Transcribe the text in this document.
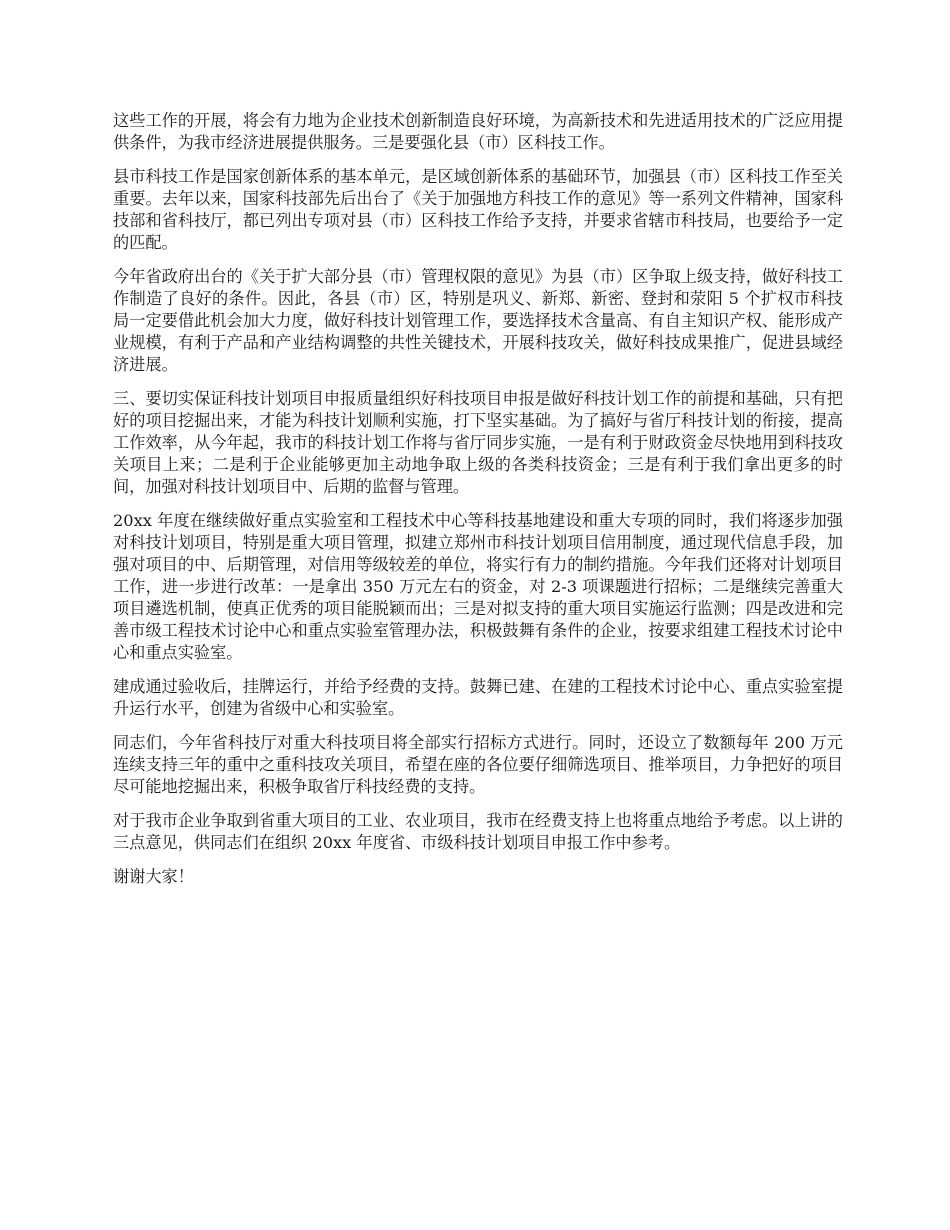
这些工作的开展，将会有力地为企业技术创新制造良好环境，为高新技术和先进适用技术的广泛应用提供条件，为我市经济进展提供服务。三是要强化县（市）区科技工作。

县市科技工作是国家创新体系的基本单元，是区域创新体系的基础环节，加强县（市）区科技工作至关重要。去年以来，国家科技部先后出台了《关于加强地方科技工作的意见》等一系列文件精神，国家科技部和省科技厅，都已列出专项对县（市）区科技工作给予支持，并要求省辖市科技局，也要给予一定的匹配。

今年省政府出台的《关于扩大部分县（市）管理权限的意见》为县（市）区争取上级支持，做好科技工作制造了良好的条件。因此，各县（市）区，特别是巩义、新郑、新密、登封和荥阳 5 个扩权市科技局一定要借此机会加大力度，做好科技计划管理工作，要选择技术含量高、有自主知识产权、能形成产业规模，有利于产品和产业结构调整的共性关键技术，开展科技攻关，做好科技成果推广，促进县域经济进展。

三、要切实保证科技计划项目申报质量组织好科技项目申报是做好科技计划工作的前提和基础，只有把好的项目挖掘出来，才能为科技计划顺利实施，打下坚实基础。为了搞好与省厅科技计划的衔接，提高工作效率，从今年起，我市的科技计划工作将与省厅同步实施，一是有利于财政资金尽快地用到科技攻关项目上来；二是利于企业能够更加主动地争取上级的各类科技资金；三是有利于我们拿出更多的时间，加强对科技计划项目中、后期的监督与管理。

20xx 年度在继续做好重点实验室和工程技术中心等科技基地建设和重大专项的同时，我们将逐步加强对科技计划项目，特别是重大项目管理，拟建立郑州市科技计划项目信用制度，通过现代信息手段，加强对项目的中、后期管理，对信用等级较差的单位，将实行有力的制约措施。今年我们还将对计划项目工作，进一步进行改革：一是拿出 350 万元左右的资金，对 2-3 项课题进行招标；二是继续完善重大项目遴选机制，使真正优秀的项目能脱颖而出；三是对拟支持的重大项目实施运行监测；四是改进和完善市级工程技术讨论中心和重点实验室管理办法，积极鼓舞有条件的企业，按要求组建工程技术讨论中心和重点实验室。

建成通过验收后，挂牌运行，并给予经费的支持。鼓舞已建、在建的工程技术讨论中心、重点实验室提升运行水平，创建为省级中心和实验室。

同志们，今年省科技厅对重大科技项目将全部实行招标方式进行。同时，还设立了数额每年 200 万元连续支持三年的重中之重科技攻关项目，希望在座的各位要仔细筛选项目、推举项目，力争把好的项目尽可能地挖掘出来，积极争取省厅科技经费的支持。

对于我市企业争取到省重大项目的工业、农业项目，我市在经费支持上也将重点地给予考虑。以上讲的三点意见，供同志们在组织 20xx 年度省、市级科技计划项目申报工作中参考。

谢谢大家！
